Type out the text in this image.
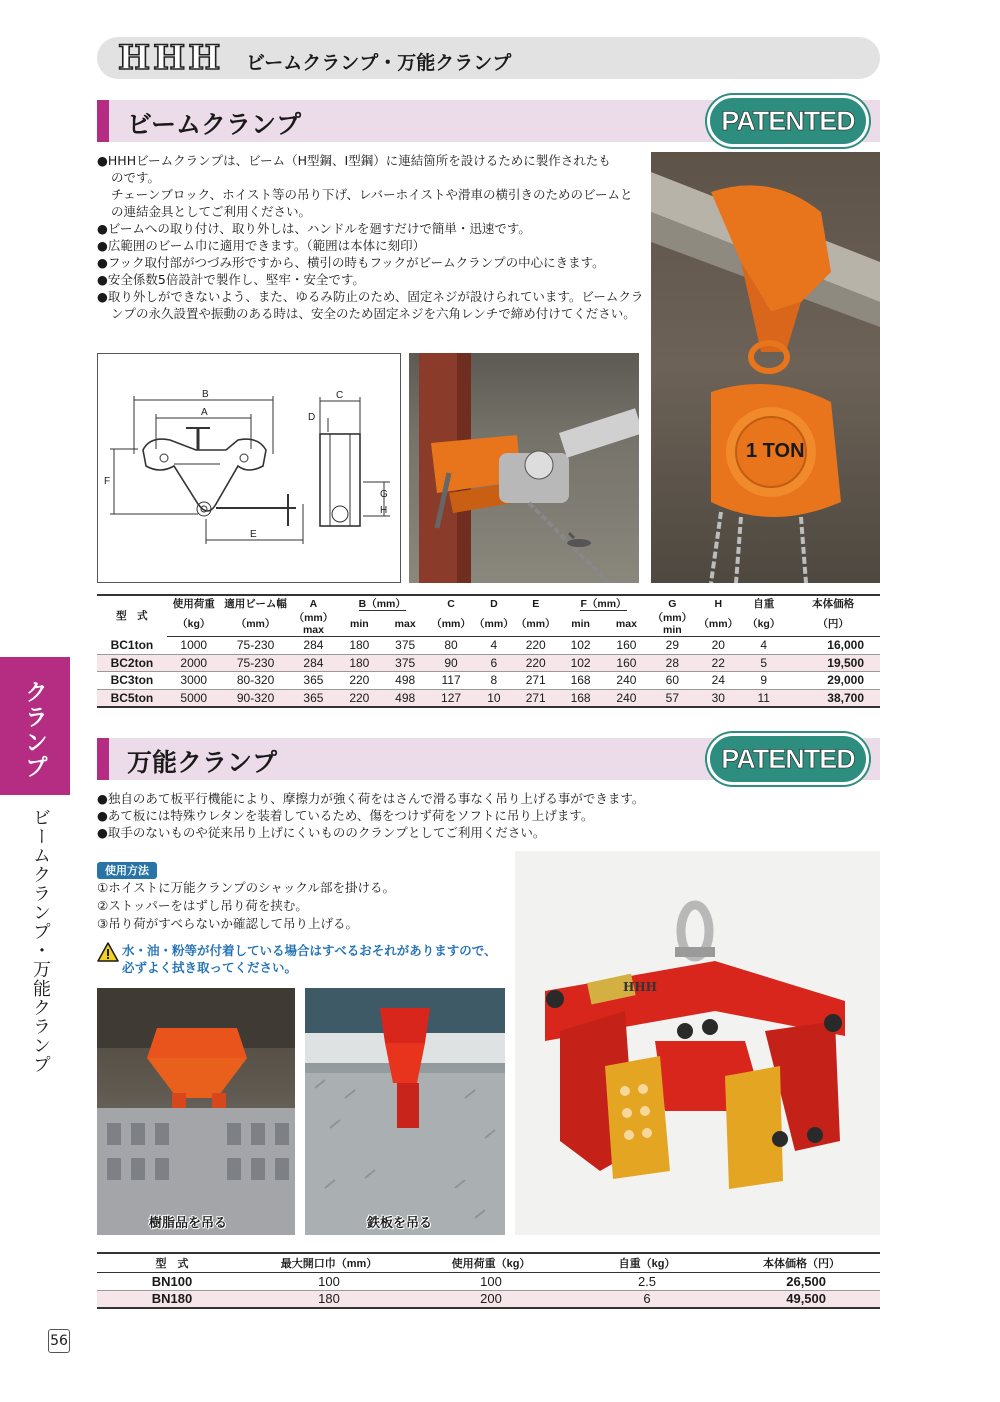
HHH ビームクランプ・万能クランプ
ビームクランプ	PATENTED
●HHHビームクランプは、ビーム（H型鋼、I型鋼）に連結箇所を設けるために製作されたも
のです。
チェーンブロック、ホイスト等の吊り下げ、レバーホイストや滑車の横引きのためのビームと
の連結金具としてご利用ください。
●ビームへの取り付け、取り外しは、ハンドルを廻すだけで簡単・迅速です。
●広範囲のビーム巾に適用できます。（範囲は本体に刻印）
●フック取付部がつづみ形ですから、横引の時もフックがビームクランプの中心にきます。
●安全係数5倍設計で製作し、堅牢・安全です。
●取り外しができないよう、また、ゆるみ防止のため、固定ネジが設けられています。ビームクラ
ンプの永久設置や振動のある時は、安全のため固定ネジを六角レンチで締め付けてください。
B
A
F
E
C
D
G
H
1 TON
型　式	使用荷重	適用ビーム幅	A	B（mm）		C	D	E	F（mm）		G	H	自重	本体価格
	（kg）	（mm）	（mm）max	min	max	（mm）	（mm）	（mm）	min	max	（mm）min	（mm）	（kg）	（円）
BC1ton	1000	75-230	284	180	375	80	4	220	102	160	29	20	4	16,000
BC2ton	2000	75-230	284	180	375	90	6	220	102	160	28	22	5	19,500
BC3ton	3000	80-320	365	220	498	117	8	271	168	240	60	24	9	29,000
BC5ton	5000	90-320	365	220	498	127	10	271	168	240	57	30	11	38,700
クランプ
ビームクランプ・万能クランプ
万能クランプ	PATENTED
●独自のあて板平行機能により、摩擦力が強く荷をはさんで滑る事なく吊り上げる事ができます。
●あて板には特殊ウレタンを装着しているため、傷をつけず荷をソフトに吊り上げます。
●取手のないものや従来吊り上げにくいもののクランプとしてご利用ください。
使用方法
①ホイストに万能クランプのシャックル部を掛ける。
②ストッパーをはずし吊り荷を挟む。
③吊り荷がすべらないか確認して吊り上げる。
水・油・粉等が付着している場合はすべるおそれがありますので、
必ずよく拭き取ってください。
樹脂品を吊る	鉄板を吊る
HHH
型　式	最大開口巾（mm）	使用荷重（kg）	自重（kg）	本体価格（円）
BN100	100	100	2.5	26,500
BN180	180	200	6	49,500
56
